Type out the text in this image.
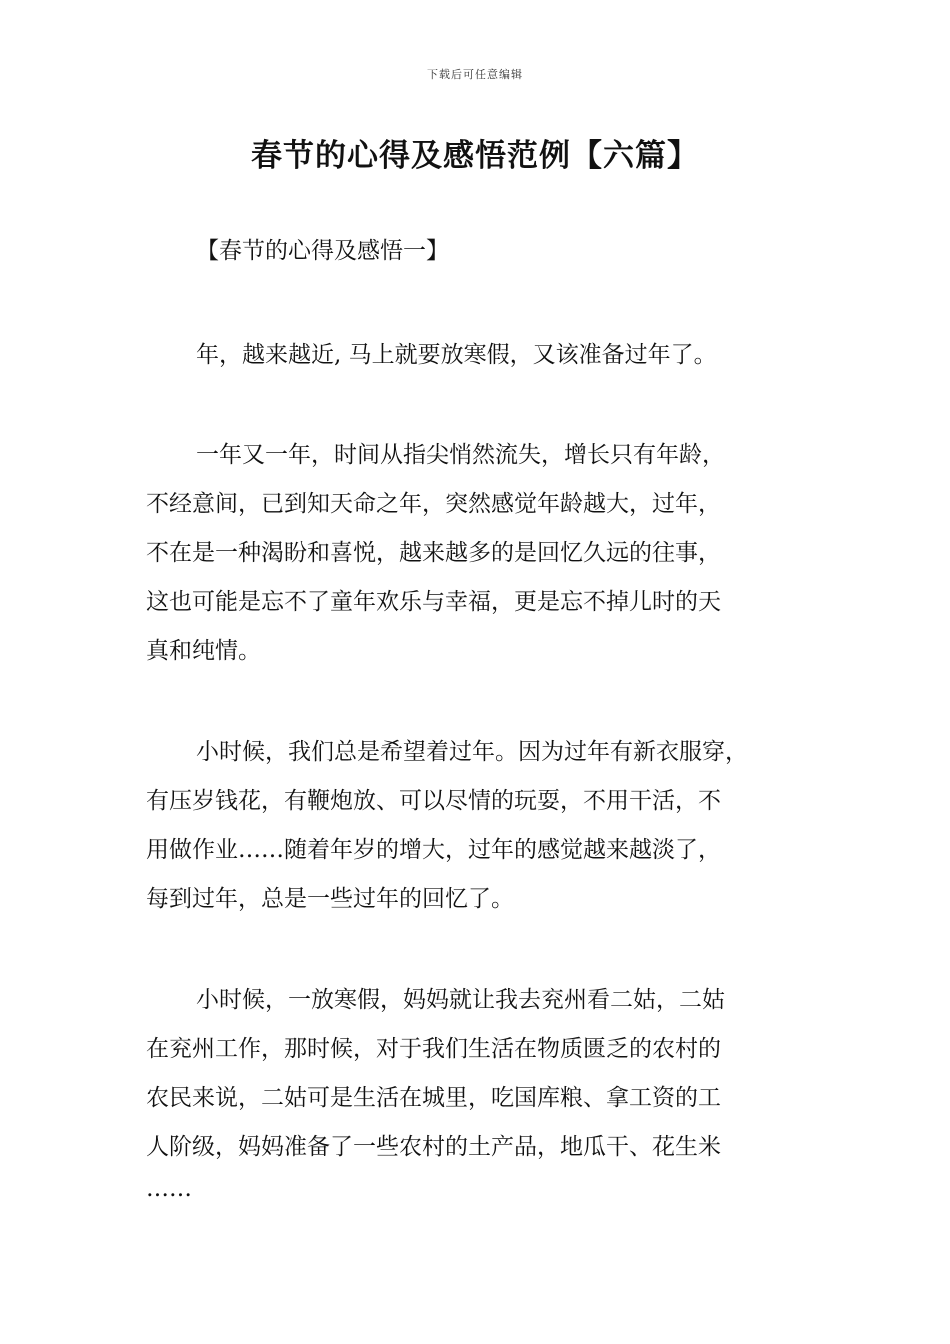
下载后可任意编辑
春节的心得及感悟范例【六篇】
【春节的心得及感悟一】
年，越来越近, 马上就要放寒假，又该准备过年了。
一年又一年，时间从指尖悄然流失，增长只有年龄，
不经意间，已到知天命之年，突然感觉年龄越大，过年，
不在是一种渴盼和喜悦，越来越多的是回忆久远的往事，
这也可能是忘不了童年欢乐与幸福，更是忘不掉儿时的天
真和纯情。
小时候，我们总是希望着过年。因为过年有新衣服穿，
有压岁钱花，有鞭炮放、可以尽情的玩耍，不用干活，不
用做作业……随着年岁的增大，过年的感觉越来越淡了，
每到过年，总是一些过年的回忆了。
小时候，一放寒假，妈妈就让我去兖州看二姑，二姑
在兖州工作，那时候，对于我们生活在物质匮乏的农村的
农民来说，二姑可是生活在城里，吃国库粮、拿工资的工
人阶级，妈妈准备了一些农村的土产品，地瓜干、花生米
……
